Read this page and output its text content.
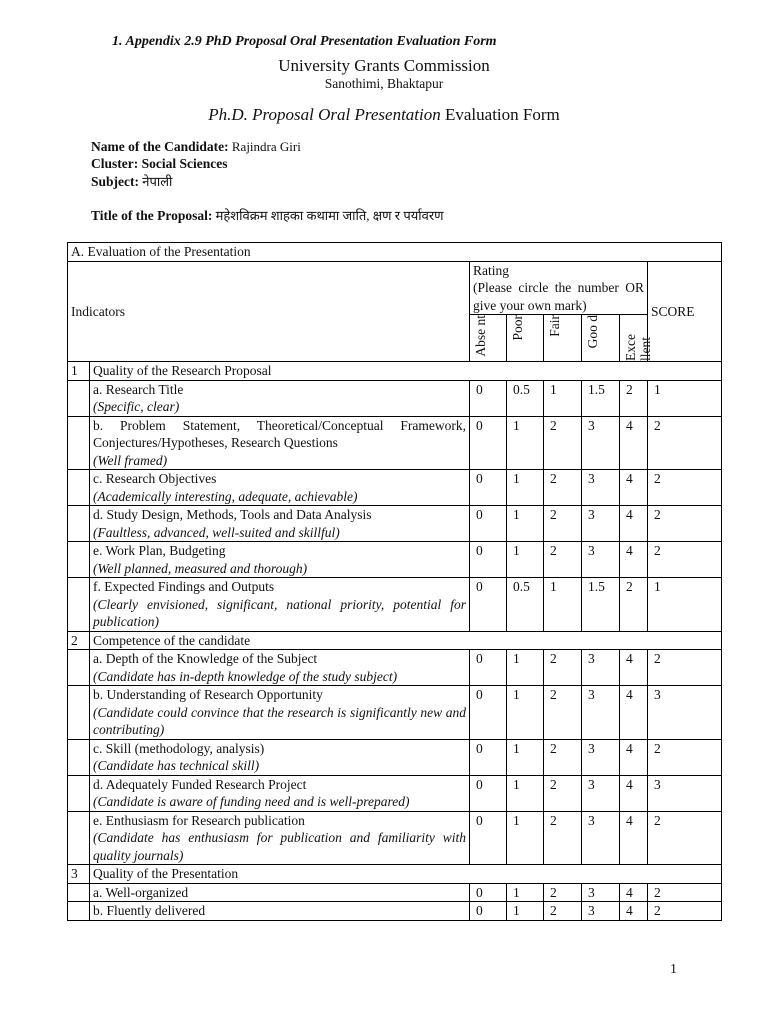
1. Appendix 2.9 PhD Proposal Oral Presentation Evaluation Form
University Grants Commission
Sanothimi, Bhaktapur
Ph.D. Proposal Oral Presentation Evaluation Form
Name of the Candidate: Rajindra Giri
Cluster: Social Sciences
Subject: नेपाली
Title of the Proposal: महेशविक्रम शाहका कथामा जाति, क्षण र पर्यावरण
A. Evaluation of the Presentation							
Indicators		Rating
(Please circle the number OR give your own mark)					SCORE

		Abse nt	Poor	Fair	Goo d	Exce llent	

1	Quality of the Research Proposal						

	a. Research Title
(Specific, clear)	0	0.5	1	1.5	2	1

	b. Problem Statement, Theoretical/Conceptual Framework, Conjectures/Hypotheses, Research Questions
(Well framed)	0	1	2	3	4	2

	c. Research Objectives
(Academically interesting, adequate, achievable)	0	1	2	3	4	2

	d. Study Design, Methods, Tools and Data Analysis
(Faultless, advanced, well-suited and skillful)	0	1	2	3	4	2

	e. Work Plan, Budgeting
(Well planned, measured and thorough)	0	1	2	3	4	2

	f. Expected Findings and Outputs
(Clearly envisioned, significant, national priority, potential for publication)	0	0.5	1	1.5	2	1
2	Competence of the candidate						

	a. Depth of the Knowledge of the Subject
(Candidate has in-depth knowledge of the study subject)	0	1	2	3	4	2

	b. Understanding of Research Opportunity
(Candidate could convince that the research is significantly new and contributing)	0	1	2	3	4	3

	c. Skill (methodology, analysis)
(Candidate has technical skill)	0	1	2	3	4	2

	d. Adequately Funded Research Project
(Candidate is aware of funding need and is well-prepared)	0	1	2	3	4	3

	e. Enthusiasm for Research publication
(Candidate has enthusiasm for publication and familiarity with quality journals)	0	1	2	3	4	2
3	Quality of the Presentation						

	a. Well-organized	0	1	2	3	4	2

	b. Fluently delivered	0	1	2	3	4	2
1
